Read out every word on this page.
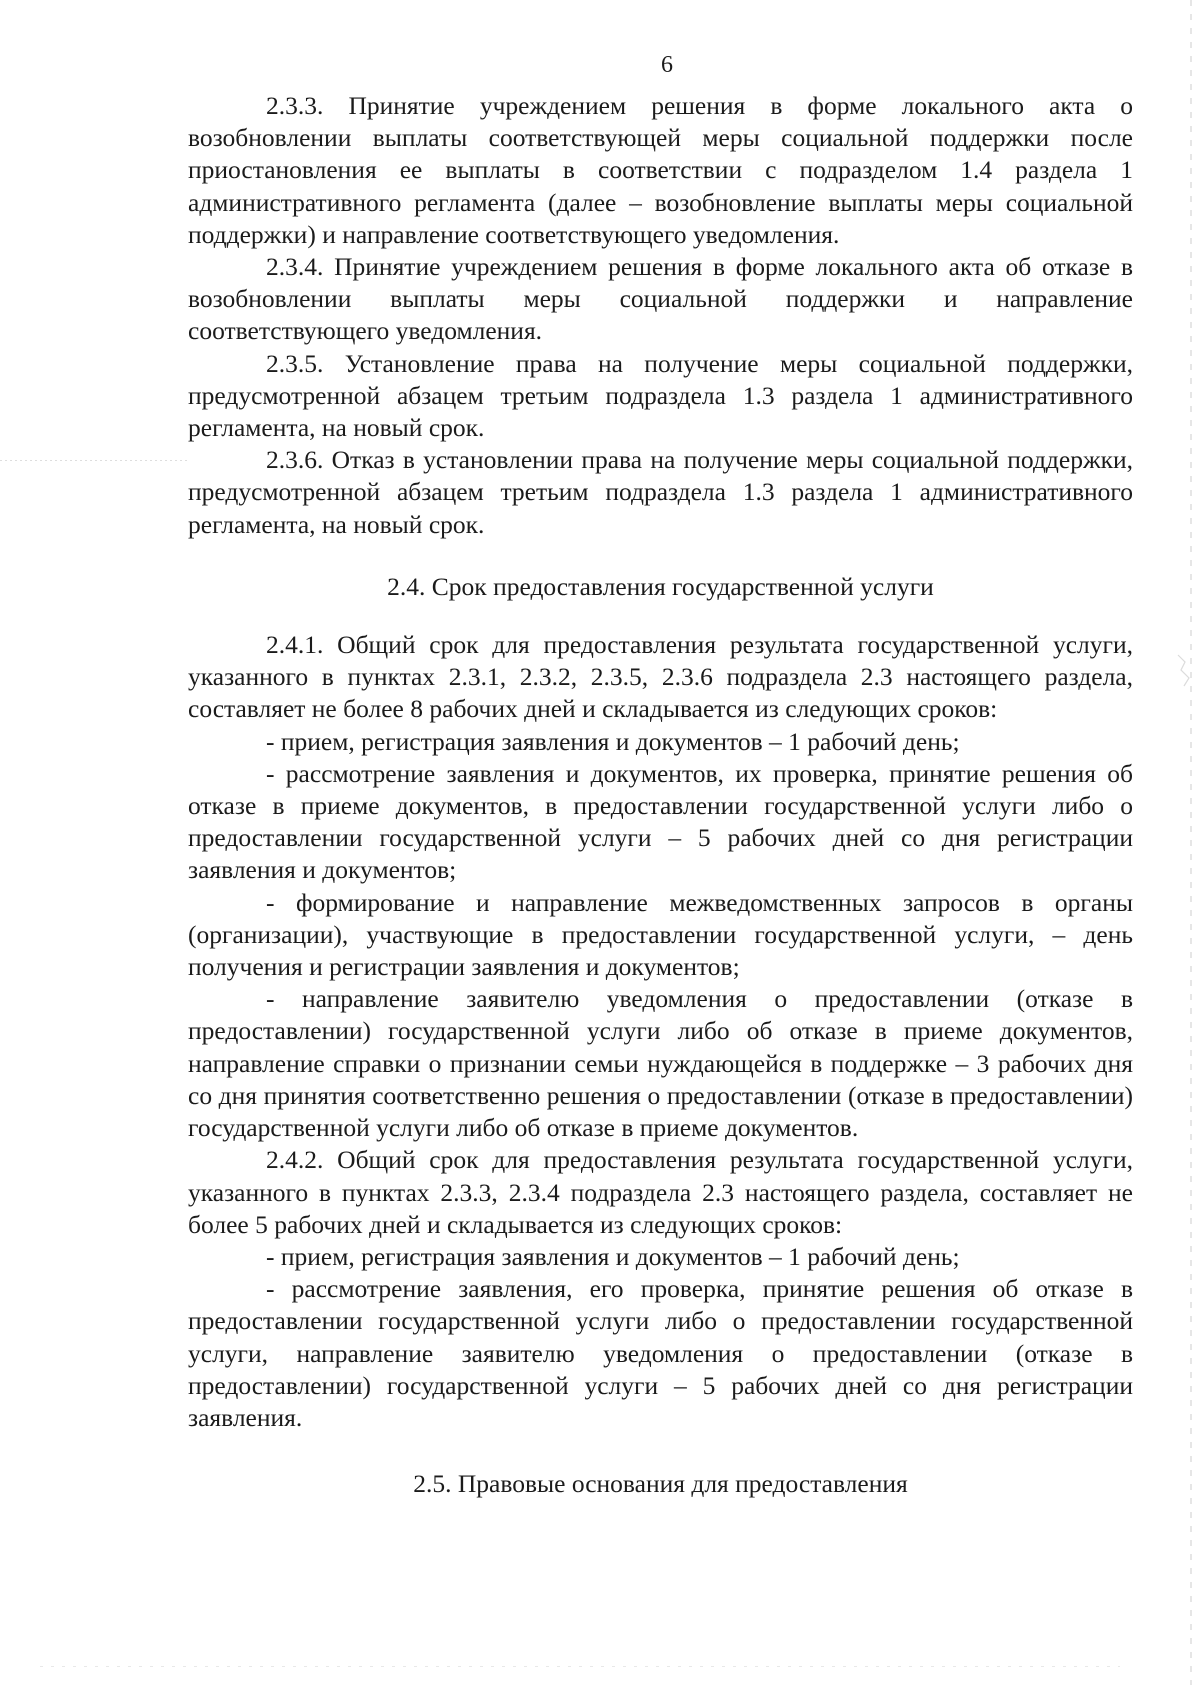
6

2.3.3. Принятие учреждением решения в форме локального акта о возобновлении выплаты соответствующей меры социальной поддержки после приостановления ее выплаты в соответствии с подразделом 1.4 раздела 1 административного регламента (далее – возобновление выплаты меры социальной поддержки) и направление соответствующего уведомления.

2.3.4. Принятие учреждением решения в форме локального акта об отказе в возобновлении выплаты меры социальной поддержки и направление соответствующего уведомления.

2.3.5. Установление права на получение меры социальной поддержки, предусмотренной абзацем третьим подраздела 1.3 раздела 1 административного регламента, на новый срок.

2.3.6. Отказ в установлении права на получение меры социальной поддержки, предусмотренной абзацем третьим подраздела 1.3 раздела 1 административного регламента, на новый срок.

2.4. Срок предоставления государственной услуги

2.4.1. Общий срок для предоставления результата государственной услуги, указанного в пунктах 2.3.1, 2.3.2, 2.3.5, 2.3.6 подраздела 2.3 настоящего раздела, составляет не более 8 рабочих дней и складывается из следующих сроков:

- прием, регистрация заявления и документов – 1 рабочий день;

- рассмотрение заявления и документов, их проверка, принятие решения об отказе в приеме документов, в предоставлении государственной услуги либо о предоставлении государственной услуги – 5 рабочих дней со дня регистрации заявления и документов;

- формирование и направление межведомственных запросов в органы (организации), участвующие в предоставлении государственной услуги, – день получения и регистрации заявления и документов;

- направление заявителю уведомления о предоставлении (отказе в предоставлении) государственной услуги либо об отказе в приеме документов, направление справки о признании семьи нуждающейся в поддержке – 3 рабочих дня со дня принятия соответственно решения о предоставлении (отказе в предоставлении) государственной услуги либо об отказе в приеме документов.

2.4.2. Общий срок для предоставления результата государственной услуги, указанного в пунктах 2.3.3, 2.3.4 подраздела 2.3 настоящего раздела, составляет не более 5 рабочих дней и складывается из следующих сроков:

- прием, регистрация заявления и документов – 1 рабочий день;

- рассмотрение заявления, его проверка, принятие решения об отказе в предоставлении государственной услуги либо о предоставлении государственной услуги, направление заявителю уведомления о предоставлении (отказе в предоставлении) государственной услуги – 5 рабочих дней со дня регистрации заявления.

2.5. Правовые основания для предоставления
